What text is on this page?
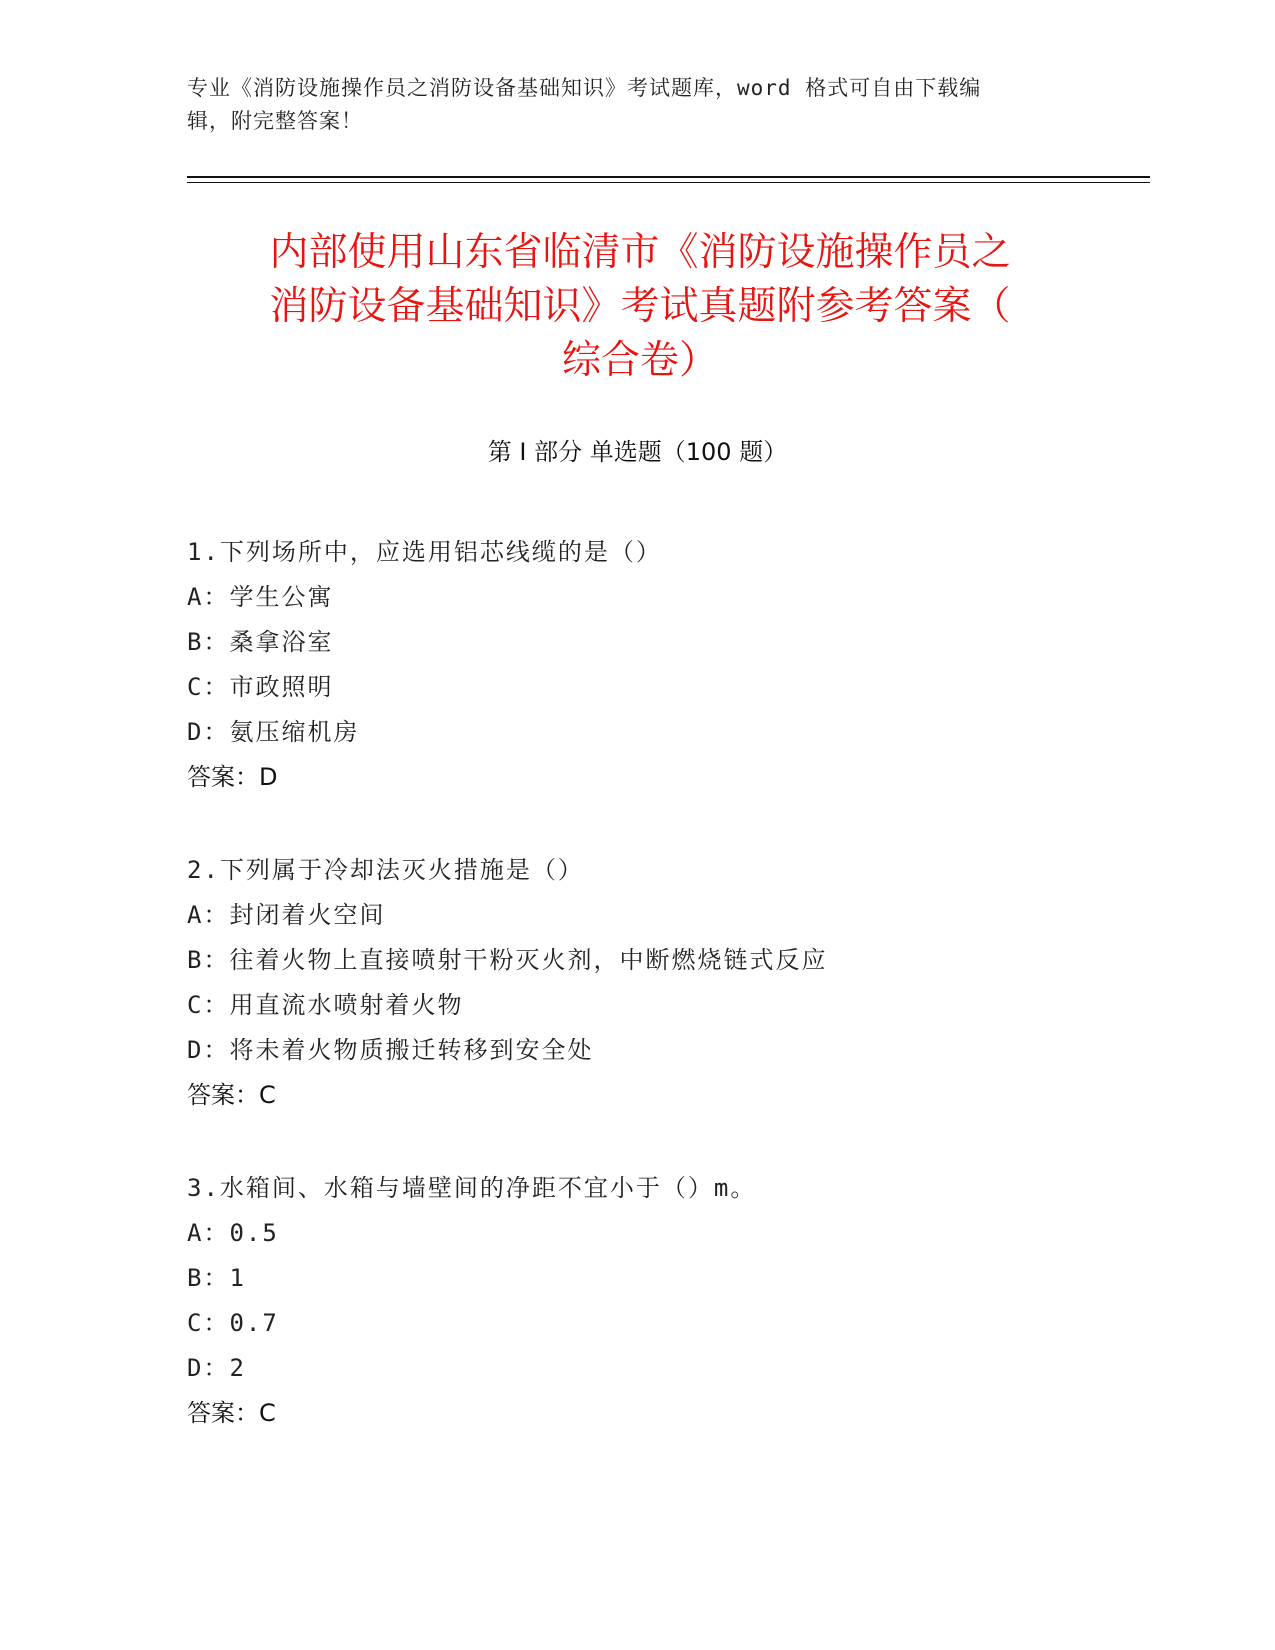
专业《消防设施操作员之消防设备基础知识》考试题库，word 格式可自由下载编
辑，附完整答案！
内部使用山东省临清市《消防设施操作员之
消防设备基础知识》考试真题附参考答案（
综合卷）
第 I 部分 单选题（100 题）
1.下列场所中，应选用铝芯线缆的是（）
A：学生公寓
B：桑拿浴室
C：市政照明
D：氨压缩机房
答案：D
2.下列属于冷却法灭火措施是（）
A：封闭着火空间
B：往着火物上直接喷射干粉灭火剂，中断燃烧链式反应
C：用直流水喷射着火物
D：将未着火物质搬迁转移到安全处
答案：C
3.水箱间、水箱与墙壁间的净距不宜小于（）m。
A：0.5
B：1
C：0.7
D：2
答案：C
